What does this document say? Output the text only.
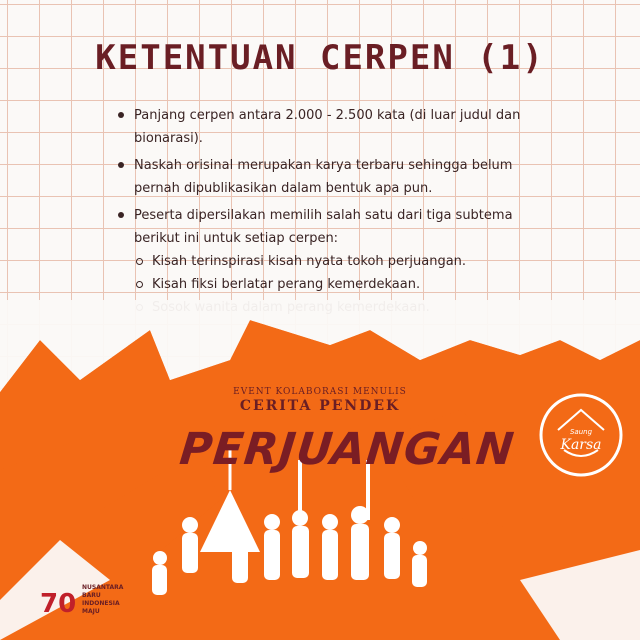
KETENTUAN CERPEN (1)
Panjang cerpen antara 2.000 - 2.500 kata (di luar judul dan bionarasi).
Naskah orisinal merupakan karya terbaru sehingga belum pernah dipublikasikan dalam bentuk apa pun.
Peserta dipersilakan memilih salah satu dari tiga subtema berikut ini untuk setiap cerpen:
Kisah terinspirasi kisah nyata tokoh perjuangan.
Kisah fiksi berlatar perang kemerdekaan.
EVENT KOLABORASI MENULIS
CERITA PENDEK
PERJUANGAN	Saung
Karsa
70
NUSANTARA
BARU
INDONESIA
MAJU
